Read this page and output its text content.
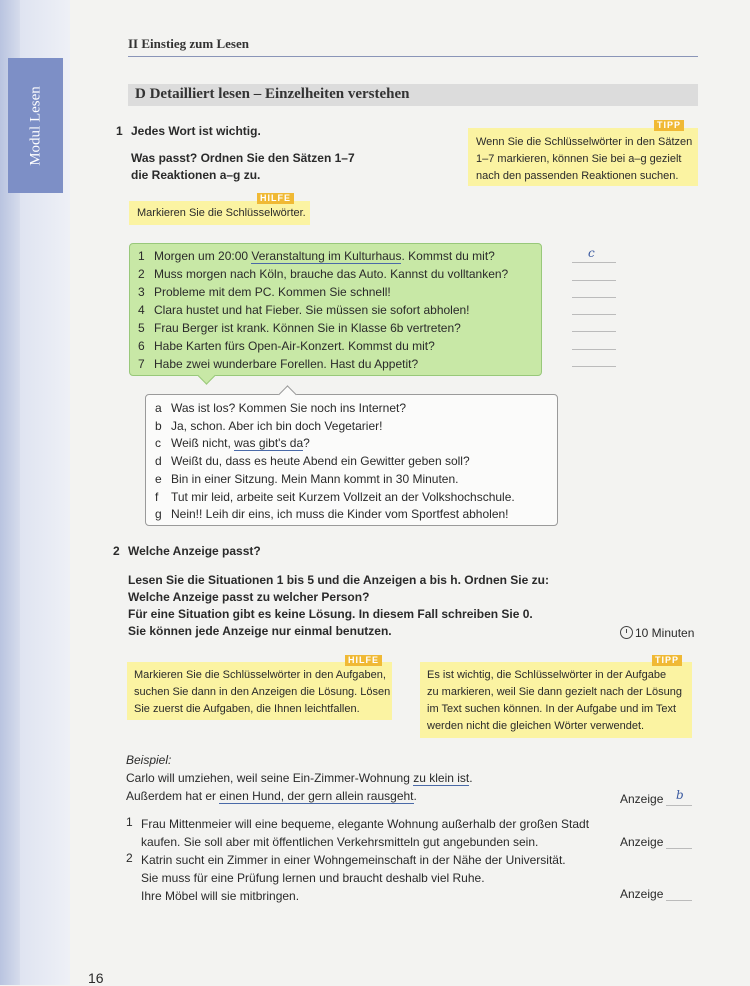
Modul Lesen
II Einstieg zum Lesen
D Detailliert lesen – Einzelheiten verstehen
1 Jedes Wort ist wichtig.
Was passt? Ordnen Sie den Sätzen 1–7
die Reaktionen a–g zu.
TIPP
Wenn Sie die Schlüsselwörter in den Sätzen
1–7 markieren, können Sie bei a–g gezielt
nach den passenden Reaktionen suchen.
HILFE
Markieren Sie die Schlüsselwörter.
1 Morgen um 20:00 Veranstaltung im Kulturhaus. Kommst du mit?
2 Muss morgen nach Köln, brauche das Auto. Kannst du volltanken?
3 Probleme mit dem PC. Kommen Sie schnell!
4 Clara hustet und hat Fieber. Sie müssen sie sofort abholen!
5 Frau Berger ist krank. Können Sie in Klasse 6b vertreten?
6 Habe Karten fürs Open-Air-Konzert. Kommst du mit?
7 Habe zwei wunderbare Forellen. Hast du Appetit?
c
a Was ist los? Kommen Sie noch ins Internet?
b Ja, schon. Aber ich bin doch Vegetarier!
c Weiß nicht, was gibt's da?
d Weißt du, dass es heute Abend ein Gewitter geben soll?
e Bin in einer Sitzung. Mein Mann kommt in 30 Minuten.
f Tut mir leid, arbeite seit Kurzem Vollzeit an der Volkshochschule.
g Nein!! Leih dir eins, ich muss die Kinder vom Sportfest abholen!
2 Welche Anzeige passt?
Lesen Sie die Situationen 1 bis 5 und die Anzeigen a bis h. Ordnen Sie zu:
Welche Anzeige passt zu welcher Person?
Für eine Situation gibt es keine Lösung. In diesem Fall schreiben Sie 0.
Sie können jede Anzeige nur einmal benutzen.	10 Minuten
HILFE
Markieren Sie die Schlüsselwörter in den Aufgaben,
suchen Sie dann in den Anzeigen die Lösung. Lösen
Sie zuerst die Aufgaben, die Ihnen leichtfallen.
TIPP
Es ist wichtig, die Schlüsselwörter in der Aufgabe
zu markieren, weil Sie dann gezielt nach der Lösung
im Text suchen können. In der Aufgabe und im Text
werden nicht die gleichen Wörter verwendet.
Beispiel:
Carlo will umziehen, weil seine Ein-Zimmer-Wohnung zu klein ist.
Außerdem hat er einen Hund, der gern allein rausgeht.	Anzeige b
1 Frau Mittenmeier will eine bequeme, elegante Wohnung außerhalb der großen Stadt
kaufen. Sie soll aber mit öffentlichen Verkehrsmitteln gut angebunden sein.	Anzeige
2 Katrin sucht ein Zimmer in einer Wohngemeinschaft in der Nähe der Universität.
Sie muss für eine Prüfung lernen und braucht deshalb viel Ruhe.
Ihre Möbel will sie mitbringen.	Anzeige
16
